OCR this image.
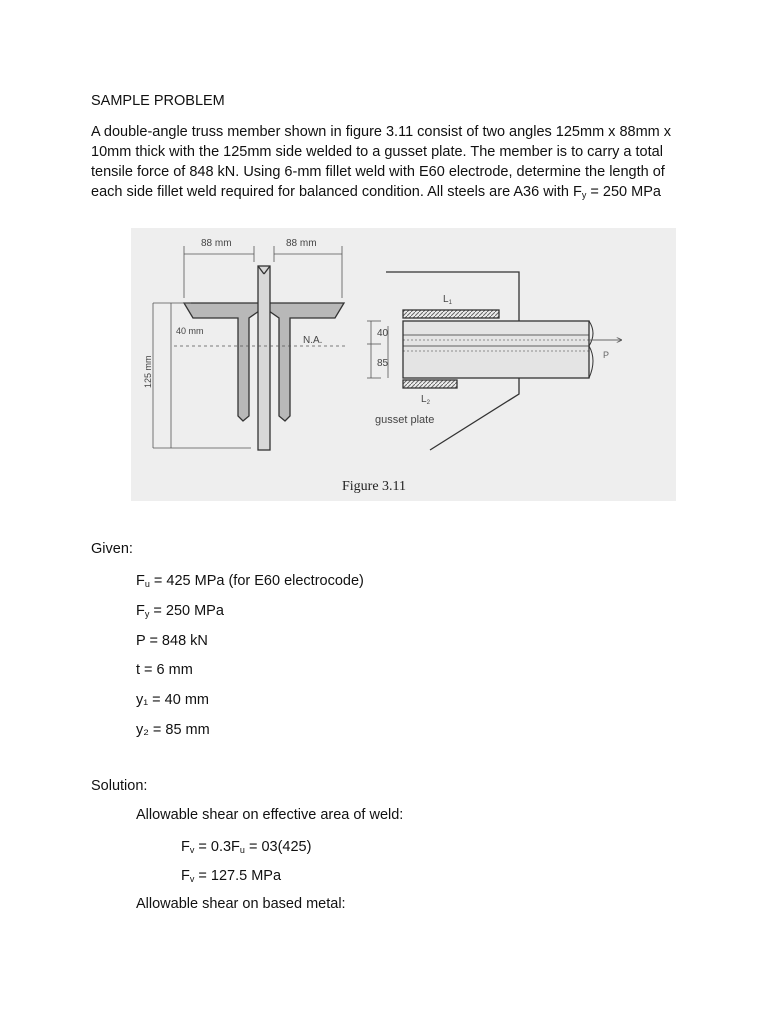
SAMPLE PROBLEM

A double-angle truss member shown in figure 3.11 consist of two angles 125mm x 88mm x 10mm thick with the 125mm side welded to a gusset plate. The member is to carry a total tensile force of 848 kN. Using 6-mm fillet weld with E60 electrode, determine the length of each side fillet weld required for balanced condition. All steels are A36 with $F_y = 250$ MPa

88 mm	88 mm
40 mm
N.A.
125 mm
40
85
$L_1$
$L_2$
gusset plate
P
Figure 3.11

Given:

$F_u = 425$ MPa (for E60 electrocode)
$F_y = 250$ MPa
P = 848 kN
t = 6 mm
y₁ = 40 mm
y₂ = 85 mm

Solution:

Allowable shear on effective area of weld:

$F_v = 0.3F_u = 03(425)$
$F_v = 127.5$ MPa

Allowable shear on based metal:
